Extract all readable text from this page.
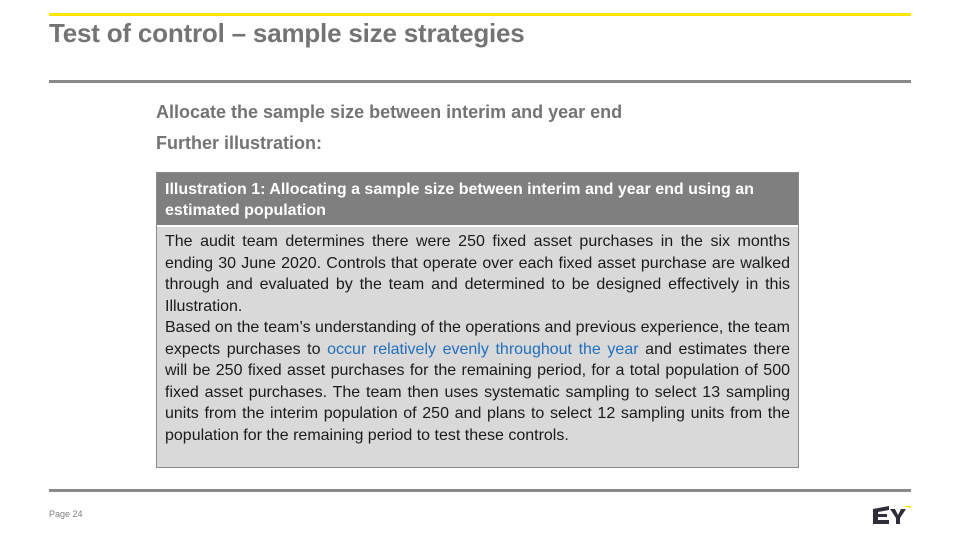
Test of control – sample size strategies
Allocate the sample size between interim and year end
Further illustration:
Illustration 1: Allocating a sample size between interim and year end using an estimated population

The audit team determines there were 250 fixed asset purchases in the six months ending 30 June 2020. Controls that operate over each fixed asset purchase are walked through and evaluated by the team and determined to be designed effectively in this Illustration.

Based on the team’s understanding of the operations and previous experience, the team expects purchases to occur relatively evenly throughout the year and estimates there will be 250 fixed asset purchases for the remaining period, for a total population of 500 fixed asset purchases. The team then uses systematic sampling to select 13 sampling units from the interim population of 250 and plans to select 12 sampling units from the population for the remaining period to test these controls.

Page 24
